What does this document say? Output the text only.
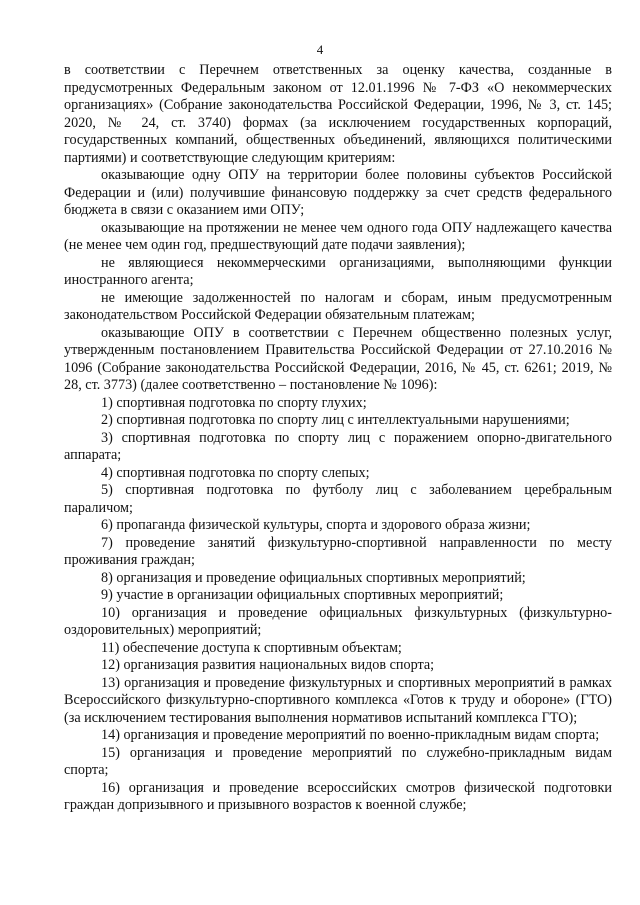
4

в соответствии с Перечнем ответственных за оценку качества, созданные в предусмотренных Федеральным законом от 12.01.1996 № 7-ФЗ «О некоммерческих организациях» (Собрание законодательства Российской Федерации, 1996, № 3, ст. 145; 2020, № 24, ст. 3740) формах (за исключением государственных корпораций, государственных компаний, общественных объединений, являющихся политическими партиями) и соответствующие следующим критериям:

оказывающие одну ОПУ на территории более половины субъектов Российской Федерации и (или) получившие финансовую поддержку за счет средств федерального бюджета в связи с оказанием ими ОПУ;

оказывающие на протяжении не менее чем одного года ОПУ надлежащего качества (не менее чем один год, предшествующий дате подачи заявления);

не являющиеся некоммерческими организациями, выполняющими функции иностранного агента;

не имеющие задолженностей по налогам и сборам, иным предусмотренным законодательством Российской Федерации обязательным платежам;

оказывающие ОПУ в соответствии с Перечнем общественно полезных услуг, утвержденным постановлением Правительства Российской Федерации от 27.10.2016 № 1096 (Собрание законодательства Российской Федерации, 2016, № 45, ст. 6261; 2019, № 28, ст. 3773) (далее соответственно – постановление № 1096):

1) спортивная подготовка по спорту глухих;

2) спортивная подготовка по спорту лиц с интеллектуальными нарушениями;

3) спортивная подготовка по спорту лиц с поражением опорно-двигательного аппарата;

4) спортивная подготовка по спорту слепых;

5) спортивная подготовка по футболу лиц с заболеванием церебральным параличом;

6) пропаганда физической культуры, спорта и здорового образа жизни;

7) проведение занятий физкультурно-спортивной направленности по месту проживания граждан;

8) организация и проведение официальных спортивных мероприятий;

9) участие в организации официальных спортивных мероприятий;

10) организация и проведение официальных физкультурных (физкультурно-оздоровительных) мероприятий;

11) обеспечение доступа к спортивным объектам;

12) организация развития национальных видов спорта;

13) организация и проведение физкультурных и спортивных мероприятий в рамках Всероссийского физкультурно-спортивного комплекса «Готов к труду и обороне» (ГТО) (за исключением тестирования выполнения нормативов испытаний комплекса ГТО);

14) организация и проведение мероприятий по военно-прикладным видам спорта;

15) организация и проведение мероприятий по служебно-прикладным видам спорта;

16) организация и проведение всероссийских смотров физической подготовки граждан допризывного и призывного возрастов к военной службе;
